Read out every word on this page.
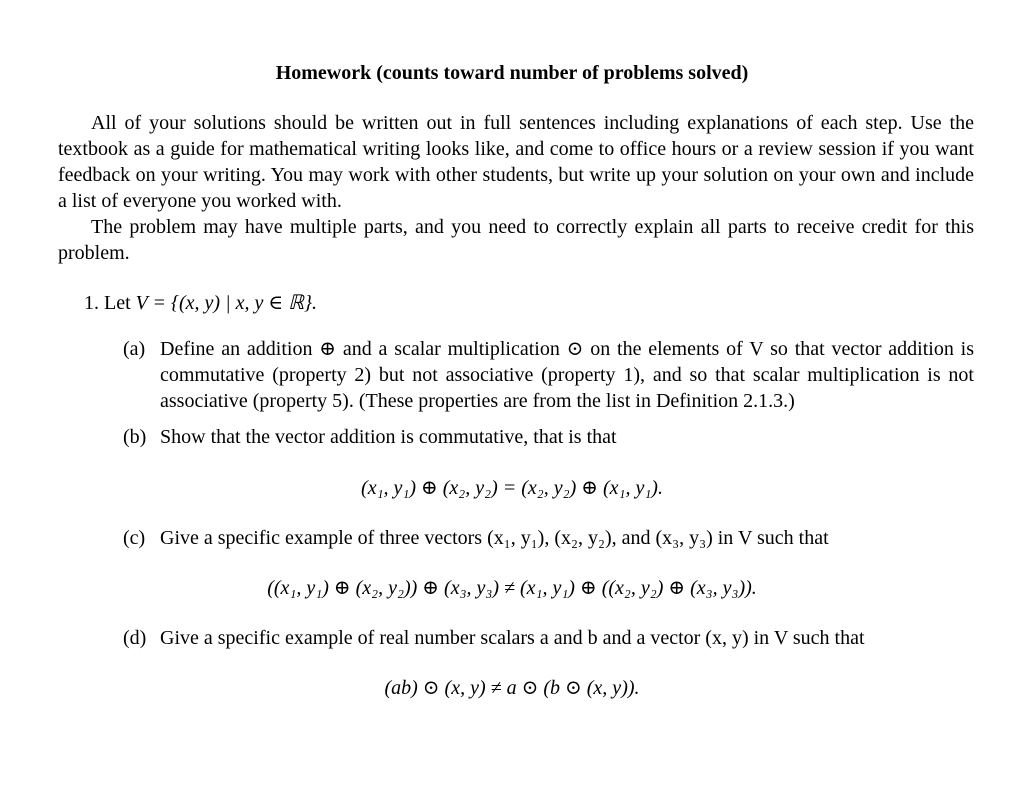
Homework (counts toward number of problems solved)

All of your solutions should be written out in full sentences including explanations of each step. Use the textbook as a guide for mathematical writing looks like, and come to office hours or a review session if you want feedback on your writing. You may work with other students, but write up your solution on your own and include a list of everyone you worked with.

The problem may have multiple parts, and you need to correctly explain all parts to receive credit for this problem.

1. Let V = {(x, y) | x, y ∈ ℝ}.
(a) Define an addition ⊕ and a scalar multiplication ⊙ on the elements of V so that vector addition is commutative (property 2) but not associative (property 1), and so that scalar multiplication is not associative (property 5). (These properties are from the list in Definition 2.1.3.)
(b) Show that the vector addition is commutative, that is that
(x₁, y₁) ⊕ (x₂, y₂) = (x₂, y₂) ⊕ (x₁, y₁).
(c) Give a specific example of three vectors (x₁, y₁), (x₂, y₂), and (x₃, y₃) in V such that
((x₁, y₁) ⊕ (x₂, y₂)) ⊕ (x₃, y₃) ≠ (x₁, y₁) ⊕ ((x₂, y₂) ⊕ (x₃, y₃)).
(d) Give a specific example of real number scalars a and b and a vector (x, y) in V such that
(ab) ⊙ (x, y) ≠ a ⊙ (b ⊙ (x, y)).
